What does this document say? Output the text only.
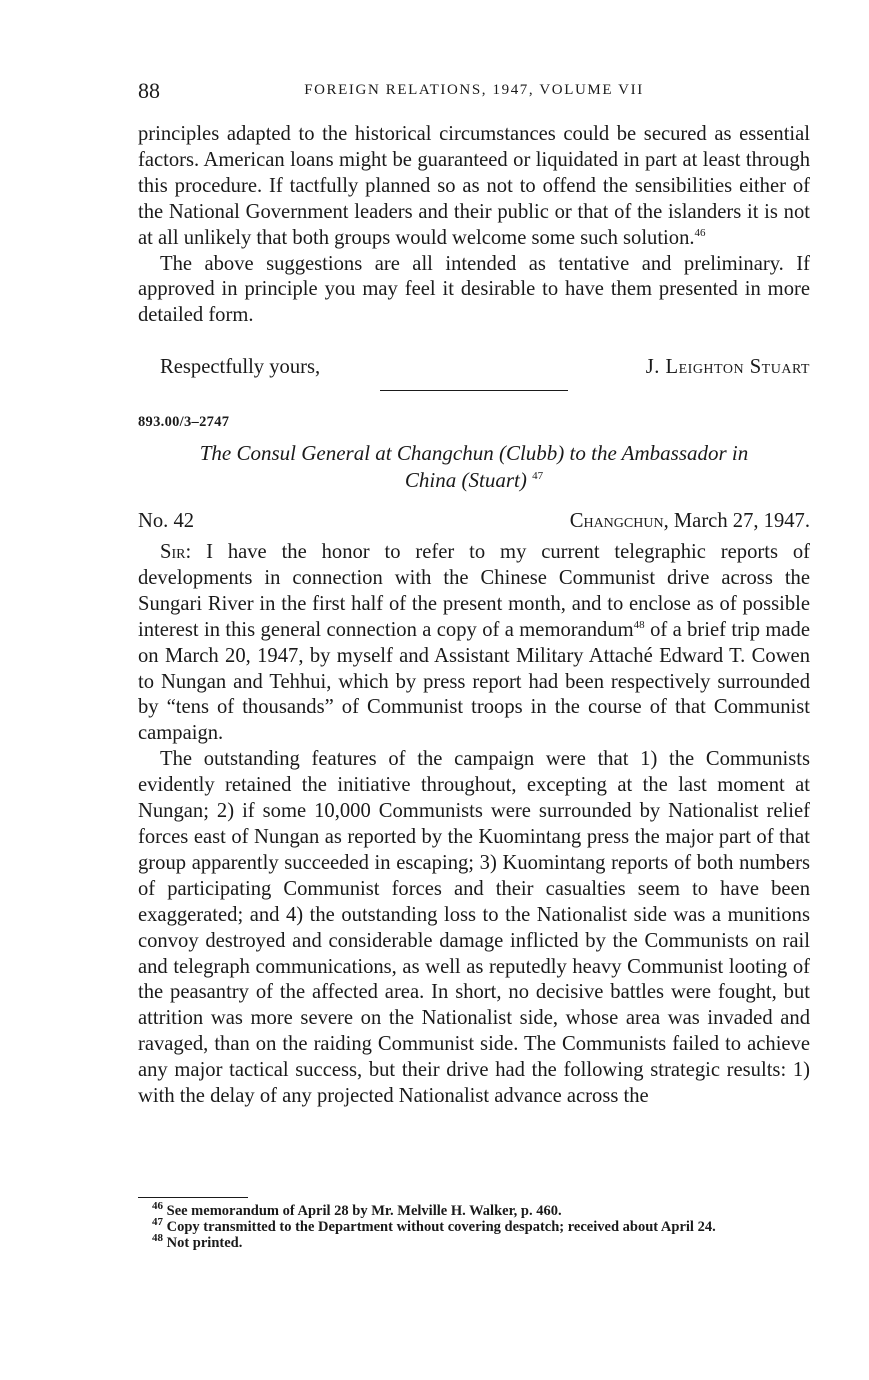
88	FOREIGN RELATIONS, 1947, VOLUME VII

principles adapted to the historical circumstances could be secured as essential factors. American loans might be guaranteed or liquidated in part at least through this procedure. If tactfully planned so as not to offend the sensibilities either of the National Government leaders and their public or that of the islanders it is not at all unlikely that both groups would welcome some such solution.$^{46}$

The above suggestions are all intended as tentative and preliminary. If approved in principle you may feel it desirable to have them presented in more detailed form.

Respectfully yours,	J. Leighton Stuart
893.00/3–2747
The Consul General at Changchun (Clubb) to the Ambassador in
China (Stuart) $^{47}$
No. 42	Changchun, March 27, 1947.

Sir: I have the honor to refer to my current telegraphic reports of developments in connection with the Chinese Communist drive across the Sungari River in the first half of the present month, and to enclose as of possible interest in this general connection a copy of a memorandum$^{48}$ of a brief trip made on March 20, 1947, by myself and Assistant Military Attaché Edward T. Cowen to Nungan and Tehhui, which by press report had been respectively surrounded by “tens of thousands” of Communist troops in the course of that Communist campaign.

The outstanding features of the campaign were that 1) the Communists evidently retained the initiative throughout, excepting at the last moment at Nungan; 2) if some 10,000 Communists were surrounded by Nationalist relief forces east of Nungan as reported by the Kuomintang press the major part of that group apparently succeeded in escaping; 3) Kuomintang reports of both numbers of participating Communist forces and their casualties seem to have been exaggerated; and 4) the outstanding loss to the Nationalist side was a munitions convoy destroyed and considerable damage inflicted by the Communists on rail and telegraph communications, as well as reputedly heavy Communist looting of the peasantry of the affected area. In short, no decisive battles were fought, but attrition was more severe on the Nationalist side, whose area was invaded and ravaged, than on the raiding Communist side. The Communists failed to achieve any major tactical success, but their drive had the following strategic results: 1) with the delay of any projected Nationalist advance across the

$^{46}$ See memorandum of April 28 by Mr. Melville H. Walker, p. 460.

$^{47}$ Copy transmitted to the Department without covering despatch; received about April 24.

$^{48}$ Not printed.
